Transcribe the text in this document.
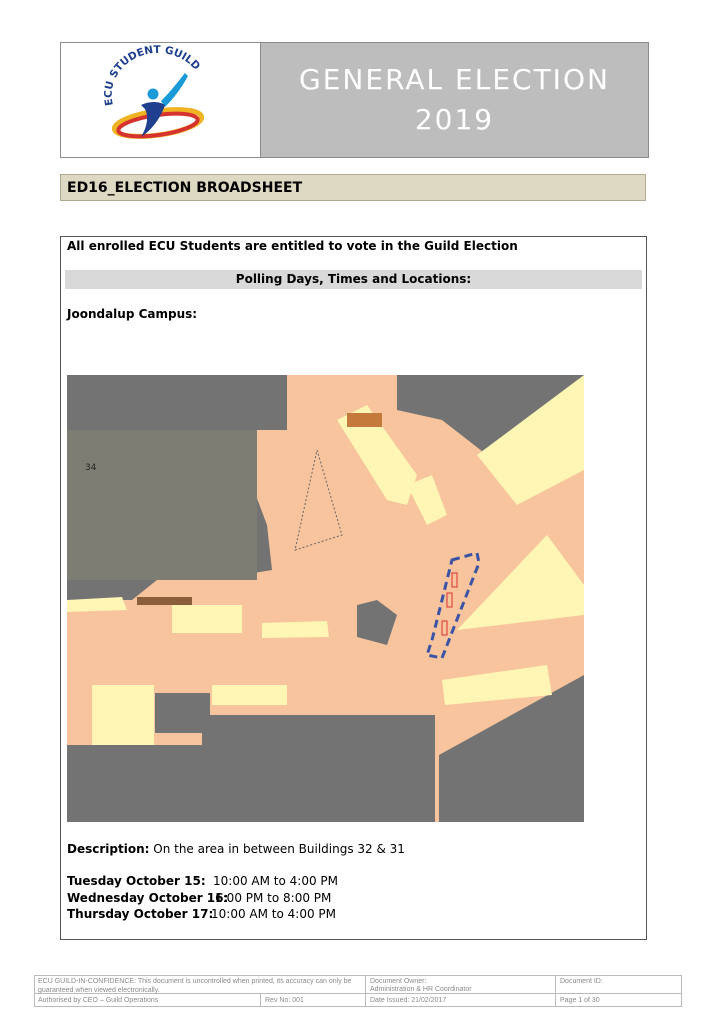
ECU STUDENT GUILD	GENERAL ELECTION
2019
ED16_ELECTION BROADSHEET
All enrolled ECU Students are entitled to vote in the Guild Election
Polling Days, Times and Locations:
Joondalup Campus:
34
Description: On the area in between Buildings 32 & 31
Tuesday October 15: 10:00 AM to 4:00 PM
Wednesday October 16:
1:00 PM to 8:00 PM
Thursday October 17:
10:00 AM to 4:00 PM
ECU GUILD-IN-CONFIDENCE: This document is uncontrolled when printed, its accuracy can only be guaranteed when viewed electronically.
Document Owner:
Administration & HR Coordinator
Document ID:
Authorised by CEO – Guild Operations	Rev No: 001	Date Issued: 21/02/2017	Page 1 of 30
